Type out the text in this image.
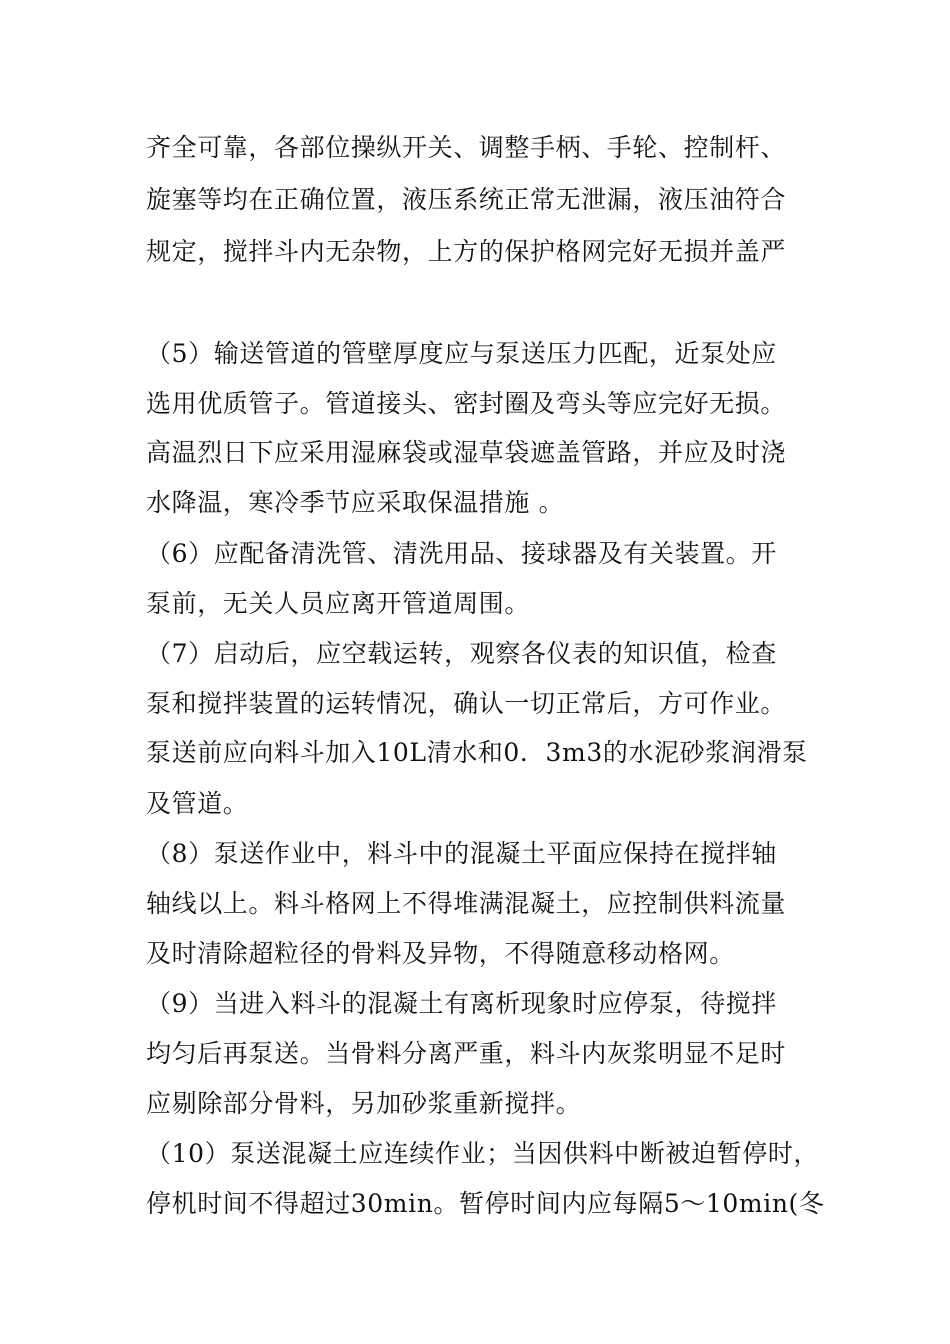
齐全可靠，各部位操纵开关、调整手柄、手轮、控制杆、
旋塞等均在正确位置，液压系统正常无泄漏，液压油符合
规定，搅拌斗内无杂物，上方的保护格网完好无损并盖严
（5）输送管道的管壁厚度应与泵送压力匹配，近泵处应
选用优质管子。管道接头、密封圈及弯头等应完好无损。
高温烈日下应采用湿麻袋或湿草袋遮盖管路，并应及时浇
水降温，寒冷季节应采取保温措施 。
（6）应配备清洗管、清洗用品、接球器及有关装置。开
泵前，无关人员应离开管道周围。
（7）启动后，应空载运转，观察各仪表的知识值，检查
泵和搅拌装置的运转情况，确认一切正常后，方可作业。
泵送前应向料斗加入10L清水和0．3m3的水泥砂浆润滑泵
及管道。
（8）泵送作业中，料斗中的混凝土平面应保持在搅拌轴
轴线以上。料斗格网上不得堆满混凝土，应控制供料流量
及时清除超粒径的骨料及异物，不得随意移动格网。
（9）当进入料斗的混凝土有离析现象时应停泵，待搅拌
均匀后再泵送。当骨料分离严重，料斗内灰浆明显不足时
应剔除部分骨料，另加砂浆重新搅拌。
（10）泵送混凝土应连续作业；当因供料中断被迫暂停时，
停机时间不得超过30min。暂停时间内应每隔5～10min(冬
